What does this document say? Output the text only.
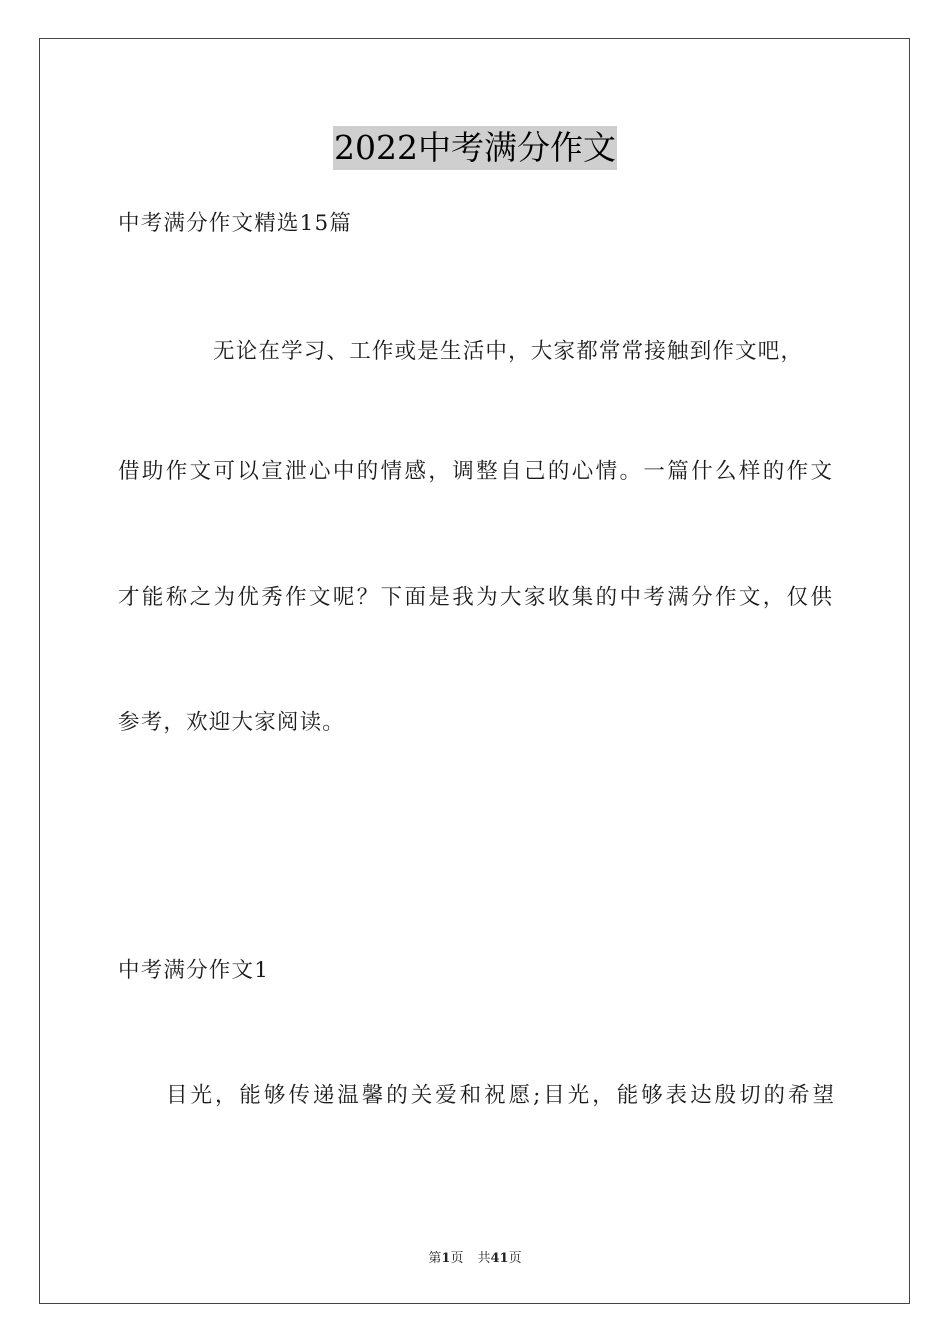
2022中考满分作文
中考满分作文精选15篇
无论在学习、工作或是生活中，大家都常常接触到作文吧，
借助作文可以宣泄心中的情感，调整自己的心情。一篇什么样的作文
才能称之为优秀作文呢？下面是我为大家收集的中考满分作文，仅供
参考，欢迎大家阅读。
中考满分作文1
目光，能够传递温馨的关爱和祝愿;目光，能够表达殷切的希望
第1页 共41页
